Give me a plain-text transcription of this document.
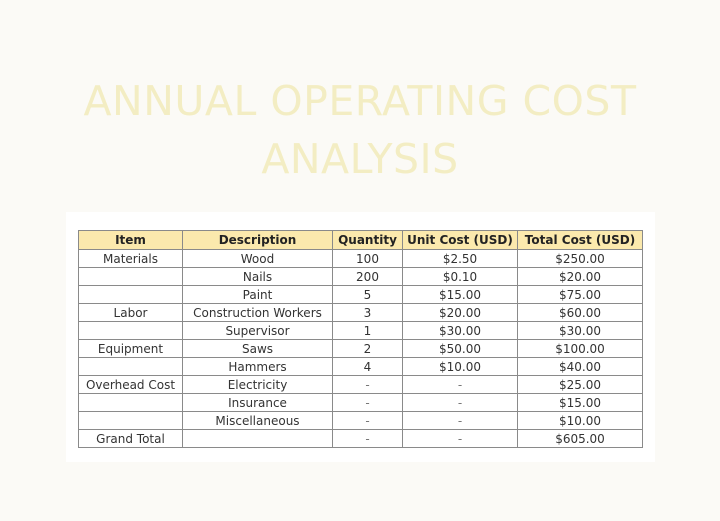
ANNUAL OPERATING COST
ANALYSIS
Item	Description	Quantity	Unit Cost (USD)	Total Cost (USD)
Materials	Wood	100	$2.50	$250.00
	Nails	200	$0.10	$20.00
	Paint	5	$15.00	$75.00
Labor	Construction Workers	3	$20.00	$60.00
	Supervisor	1	$30.00	$30.00
Equipment	Saws	2	$50.00	$100.00
	Hammers	4	$10.00	$40.00
Overhead Cost	Electricity	-	-	$25.00
	Insurance	-	-	$15.00
	Miscellaneous	-	-	$10.00
Grand Total		-	-	$605.00
